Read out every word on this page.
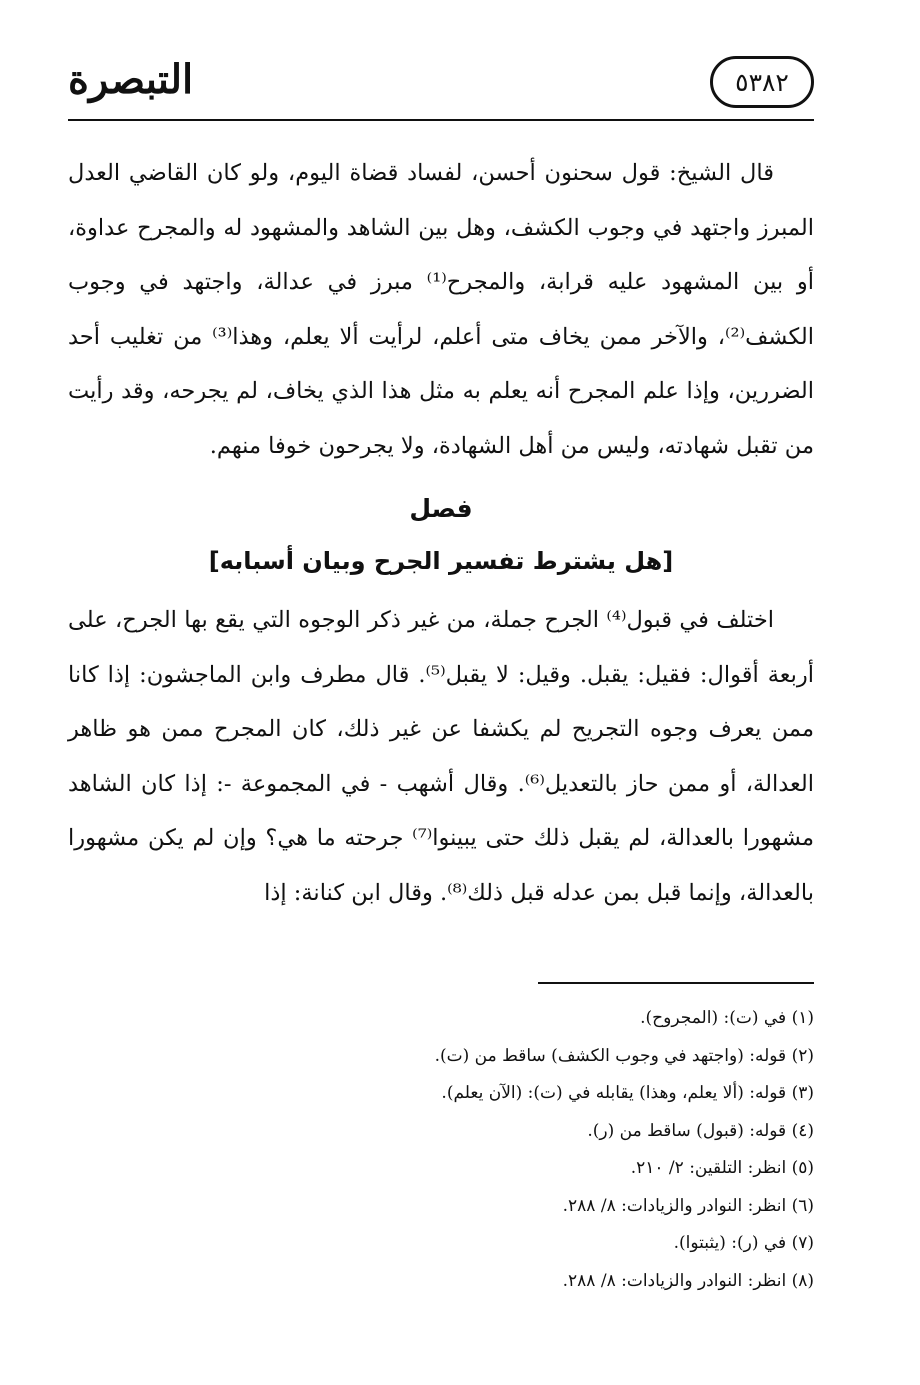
التبصرة	٥٣٨٢

قال الشيخ: قول سحنون أحسن، لفساد قضاة اليوم، ولو كان القاضي العدل المبرز واجتهد في وجوب الكشف، وهل بين الشاهد والمشهود له والمجرح عداوة، أو بين المشهود عليه قرابة، والمجرح⁽¹⁾ مبرز في عدالة، واجتهد في وجوب الكشف⁽²⁾، والآخر ممن يخاف متى أعلم، لرأيت ألا يعلم، وهذا⁽³⁾ من تغليب أحد الضررين، وإذا علم المجرح أنه يعلم به مثل هذا الذي يخاف، لم يجرحه، وقد رأيت من تقبل شهادته، وليس من أهل الشهادة، ولا يجرحون خوفا منهم.

فصل
[هل يشترط تفسير الجرح وبيان أسبابه]

اختلف في قبول⁽⁴⁾ الجرح جملة، من غير ذكر الوجوه التي يقع بها الجرح، على أربعة أقوال: فقيل: يقبل. وقيل: لا يقبل⁽⁵⁾. قال مطرف وابن الماجشون: إذا كانا ممن يعرف وجوه التجريح لم يكشفا عن غير ذلك، كان المجرح ممن هو ظاهر العدالة، أو ممن حاز بالتعديل⁽⁶⁾. وقال أشهب - في المجموعة -: إذا كان الشاهد مشهورا بالعدالة، لم يقبل ذلك حتى يبينوا⁽⁷⁾ جرحته ما هي؟ وإن لم يكن مشهورا بالعدالة، وإنما قبل بمن عدله قبل ذلك⁽⁸⁾. وقال ابن كنانة: إذا

(١) في (ت): (المجروح).
(٢) قوله: (واجتهد في وجوب الكشف) ساقط من (ت).
(٣) قوله: (ألا يعلم، وهذا) يقابله في (ت): (الآن يعلم).
(٤) قوله: (قبول) ساقط من (ر).
(٥) انظر: التلقين: ٢/ ٢١٠.
(٦) انظر: النوادر والزيادات: ٨/ ٢٨٨.
(٧) في (ر): (يثبتوا).
(٨) انظر: النوادر والزيادات: ٨/ ٢٨٨.
